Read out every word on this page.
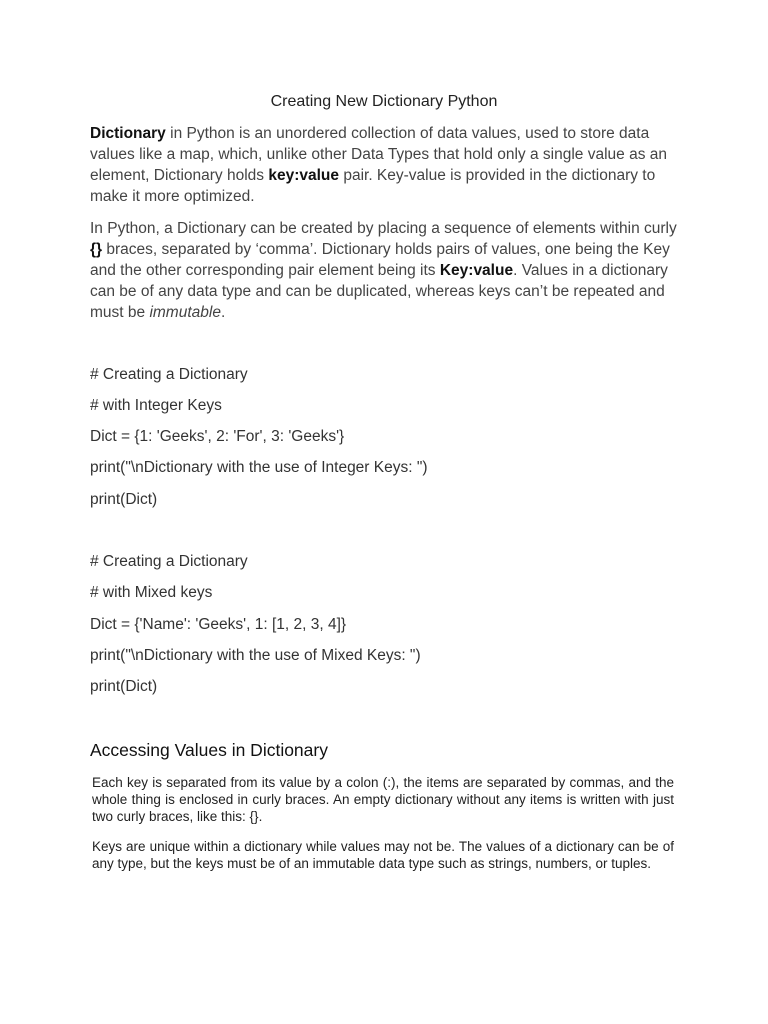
Creating New Dictionary Python

Dictionary in Python is an unordered collection of data values, used to store data values like a map, which, unlike other Data Types that hold only a single value as an element, Dictionary holds key:value pair. Key-value is provided in the dictionary to make it more optimized.

In Python, a Dictionary can be created by placing a sequence of elements within curly {} braces, separated by ‘comma’. Dictionary holds pairs of values, one being the Key and the other corresponding pair element being its Key:value. Values in a dictionary can be of any data type and can be duplicated, whereas keys can’t be repeated and must be immutable.

# Creating a Dictionary
# with Integer Keys
Dict = {1: 'Geeks', 2: 'For', 3: 'Geeks'}
print("\nDictionary with the use of Integer Keys: ")
print(Dict)
# Creating a Dictionary
# with Mixed keys
Dict = {'Name': 'Geeks', 1: [1, 2, 3, 4]}
print("\nDictionary with the use of Mixed Keys: ")
print(Dict)
Accessing Values in Dictionary

Each key is separated from its value by a colon (:), the items are separated by commas, and the whole thing is enclosed in curly braces. An empty dictionary without any items is written with just two curly braces, like this: {}.

Keys are unique within a dictionary while values may not be. The values of a dictionary can be of any type, but the keys must be of an immutable data type such as strings, numbers, or tuples.
